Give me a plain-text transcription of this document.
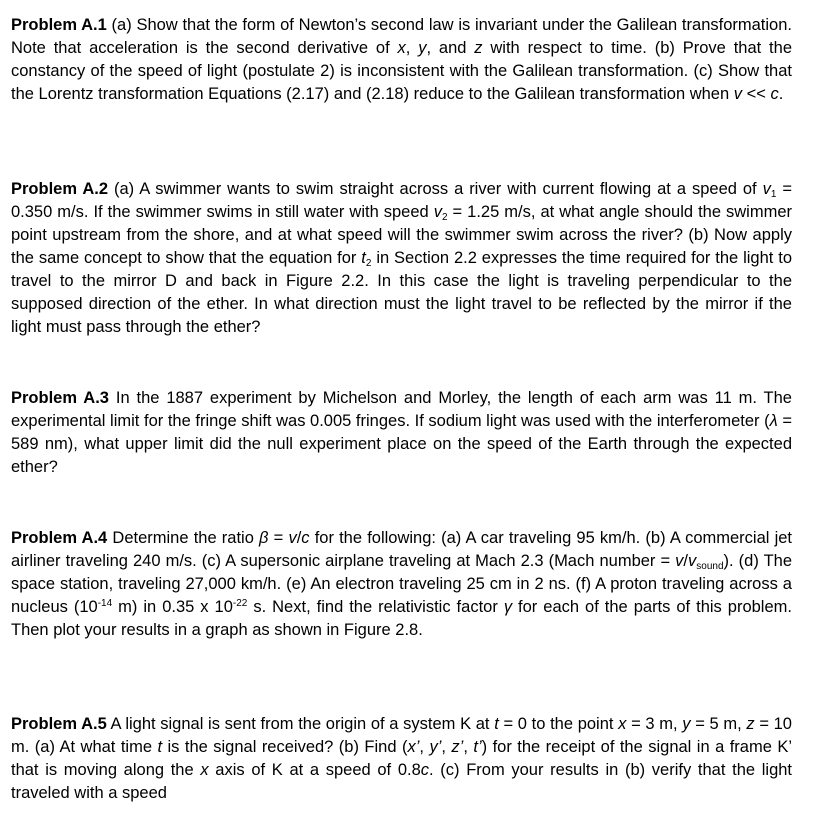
Problem A.1 (a) Show that the form of Newton’s second law is invariant under the Galilean transformation. Note that acceleration is the second derivative of x, y, and z with respect to time. (b) Prove that the constancy of the speed of light (postulate 2) is inconsistent with the Galilean transformation. (c) Show that the Lorentz transformation Equations (2.17) and (2.18) reduce to the Galilean transformation when v << c.

Problem A.2 (a) A swimmer wants to swim straight across a river with current flowing at a speed of $v_1 = 0.350$ m/s. If the swimmer swims in still water with speed $v_2 = 1.25$ m/s, at what angle should the swimmer point upstream from the shore, and at what speed will the swimmer swim across the river? (b) Now apply the same concept to show that the equation for $t_2$ in Section 2.2 expresses the time required for the light to travel to the mirror D and back in Figure 2.2. In this case the light is traveling perpendicular to the supposed direction of the ether. In what direction must the light travel to be reflected by the mirror if the light must pass through the ether?

Problem A.3 In the 1887 experiment by Michelson and Morley, the length of each arm was 11 m. The experimental limit for the fringe shift was 0.005 fringes. If sodium light was used with the interferometer (λ = 589 nm), what upper limit did the null experiment place on the speed of the Earth through the expected ether?

Problem A.4 Determine the ratio β = v/c for the following: (a) A car traveling 95 km/h. (b) A commercial jet airliner traveling 240 m/s. (c) A supersonic airplane traveling at Mach 2.3 (Mach number = $v/v_{sound}$). (d) The space station, traveling 27,000 km/h. (e) An electron traveling 25 cm in 2 ns. (f) A proton traveling across a nucleus ($10^{-14}$ m) in 0.35 x $10^{-22}$ s. Next, find the relativistic factor γ for each of the parts of this problem. Then plot your results in a graph as shown in Figure 2.8.

Problem A.5 A light signal is sent from the origin of a system K at t = 0 to the point x = 3 m, y = 5 m, z = 10 m. (a) At what time t is the signal received? (b) Find (x’, y’, z’, t’) for the receipt of the signal in a frame K’ that is moving along the x axis of K at a speed of 0.8c. (c) From your results in (b) verify that the light traveled with a speed
